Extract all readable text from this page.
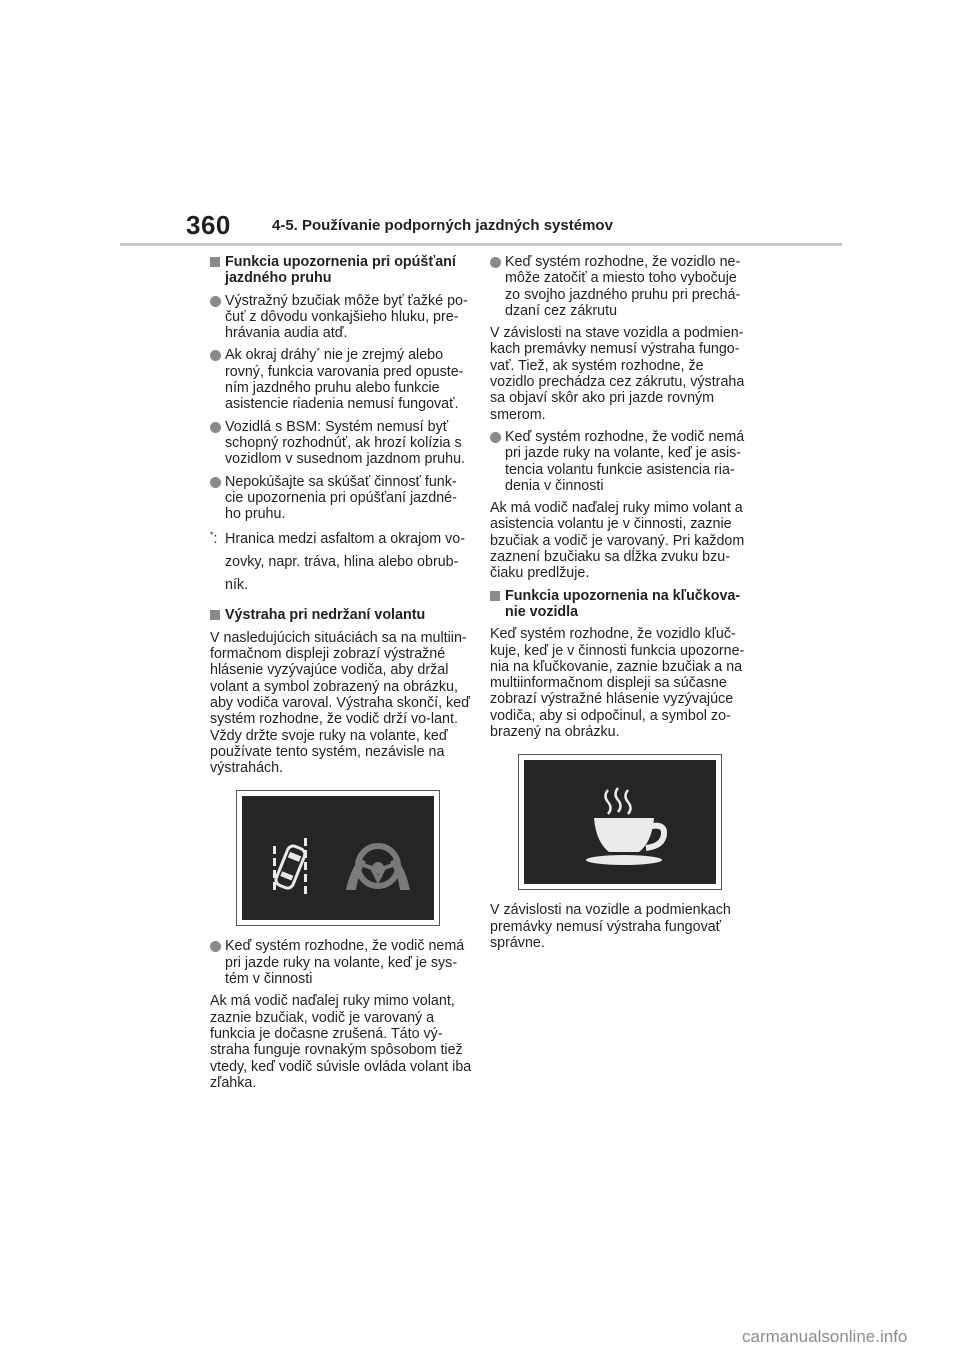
360	4-5. Používanie podporných jazdných systémov
Funkcia upozornenia pri opúšťaní jazdného pruhu
Výstražný bzučiak môže byť ťažké po-čuť z dôvodu vonkajšieho hluku, pre-hrávania audia atď.
Ak okraj dráhy* nie je zrejmý alebo rovný, funkcia varovania pred opuste-ním jazdného pruhu alebo funkcie asistencie riadenia nemusí fungovať.
Vozidlá s BSM: Systém nemusí byť schopný rozhodnúť, ak hrozí kolízia s vozidlom v susednom jazdnom pruhu.
Nepokúšajte sa skúšať činnosť funk-cie upozornenia pri opúšťaní jazdné-ho pruhu.
*: Hranica medzi asfaltom a okrajom vo-zovky, napr. tráva, hlina alebo obrub-ník.
Výstraha pri nedržaní volantu
V nasledujúcich situáciách sa na multiin-formačnom displeji zobrazí výstražné hlásenie vyzývajúce vodiča, aby držal volant a symbol zobrazený na obrázku, aby vodiča varoval. Výstraha skončí, keď systém rozhodne, že vodič drží vo-lant. Vždy držte svoje ruky na volante, keď používate tento systém, nezávisle na výstrahách.
Keď systém rozhodne, že vodič nemá pri jazde ruky na volante, keď je sys-tém v činnosti
Ak má vodič naďalej ruky mimo volant, zaznie bzučiak, vodič je varovaný a funkcia je dočasne zrušená. Táto vý-straha funguje rovnakým spôsobom tiež vtedy, keď vodič súvisle ovláda volant iba zľahka.
Keď systém rozhodne, že vozidlo ne-môže zatočiť a miesto toho vybočuje zo svojho jazdného pruhu pri prechá-dzaní cez zákrutu
V závislosti na stave vozidla a podmien-kach premávky nemusí výstraha fungo-vať. Tiež, ak systém rozhodne, že vozidlo prechádza cez zákrutu, výstraha sa objaví skôr ako pri jazde rovným smerom.
Keď systém rozhodne, že vodič nemá pri jazde ruky na volante, keď je asis-tencia volantu funkcie asistencia ria-denia v činnosti
Ak má vodič naďalej ruky mimo volant a asistencia volantu je v činnosti, zaznie bzučiak a vodič je varovaný. Pri každom zaznení bzučiaku sa dĺžka zvuku bzu-čiaku predlžuje.
Funkcia upozornenia na kľučkova-nie vozidla
Keď systém rozhodne, že vozidlo kľuč-kuje, keď je v činnosti funkcia upozorne-nia na kľučkovanie, zaznie bzučiak a na multiinformačnom displeji sa súčasne zobrazí výstražné hlásenie vyzývajúce vodiča, aby si odpočinul, a symbol zo-brazený na obrázku.
V závislosti na vozidle a podmienkach premávky nemusí výstraha fungovať správne.
carmanualsonline.info
